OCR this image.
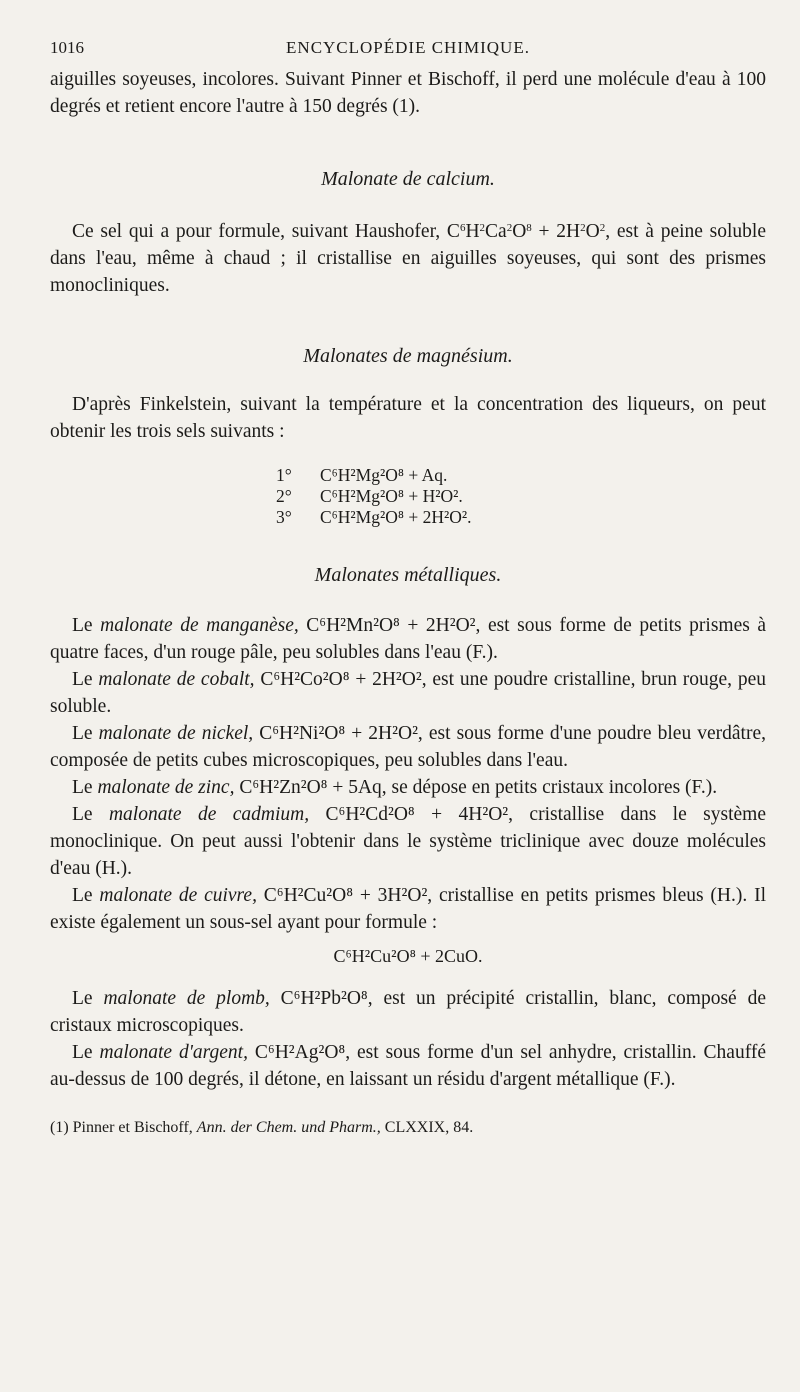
1016	ENCYCLOPÉDIE CHIMIQUE.

aiguilles soyeuses, incolores. Suivant Pinner et Bischoff, il perd une molécule d'eau à 100 degrés et retient encore l'autre à 150 degrés (1).

Malonate de calcium.

Ce sel qui a pour formule, suivant Haushofer, $C^6H^2Ca^2O^8 + 2H^2O^2$, est à peine soluble dans l'eau, même à chaud ; il cristallise en aiguilles soyeuses, qui sont des prismes monocliniques.

Malonates de magnésium.

D'après Finkelstein, suivant la température et la concentration des liqueurs, on peut obtenir les trois sels suivants :

1°	C⁶H²Mg²O⁸ + Aq.
2°	C⁶H²Mg²O⁸ + H²O².
3°	C⁶H²Mg²O⁸ + 2H²O².
Malonates métalliques.

Le malonate de manganèse, C⁶H²Mn²O⁸ + 2H²O², est sous forme de petits prismes à quatre faces, d'un rouge pâle, peu solubles dans l'eau (F.).

Le malonate de cobalt, C⁶H²Co²O⁸ + 2H²O², est une poudre cristalline, brun rouge, peu soluble.

Le malonate de nickel, C⁶H²Ni²O⁸ + 2H²O², est sous forme d'une poudre bleu verdâtre, composée de petits cubes microscopiques, peu solubles dans l'eau.

Le malonate de zinc, C⁶H²Zn²O⁸ + 5Aq, se dépose en petits cristaux incolores (F.).

Le malonate de cadmium, C⁶H²Cd²O⁸ + 4H²O², cristallise dans le système monoclinique. On peut aussi l'obtenir dans le système triclinique avec douze molécules d'eau (H.).

Le malonate de cuivre, C⁶H²Cu²O⁸ + 3H²O², cristallise en petits prismes bleus (H.). Il existe également un sous-sel ayant pour formule :

C⁶H²Cu²O⁸ + 2CuO.

Le malonate de plomb, C⁶H²Pb²O⁸, est un précipité cristallin, blanc, composé de cristaux microscopiques.

Le malonate d'argent, C⁶H²Ag²O⁸, est sous forme d'un sel anhydre, cristallin. Chauffé au-dessus de 100 degrés, il détone, en laissant un résidu d'argent métallique (F.).

(1) Pinner et Bischoff, Ann. der Chem. und Pharm., CLXXIX, 84.
